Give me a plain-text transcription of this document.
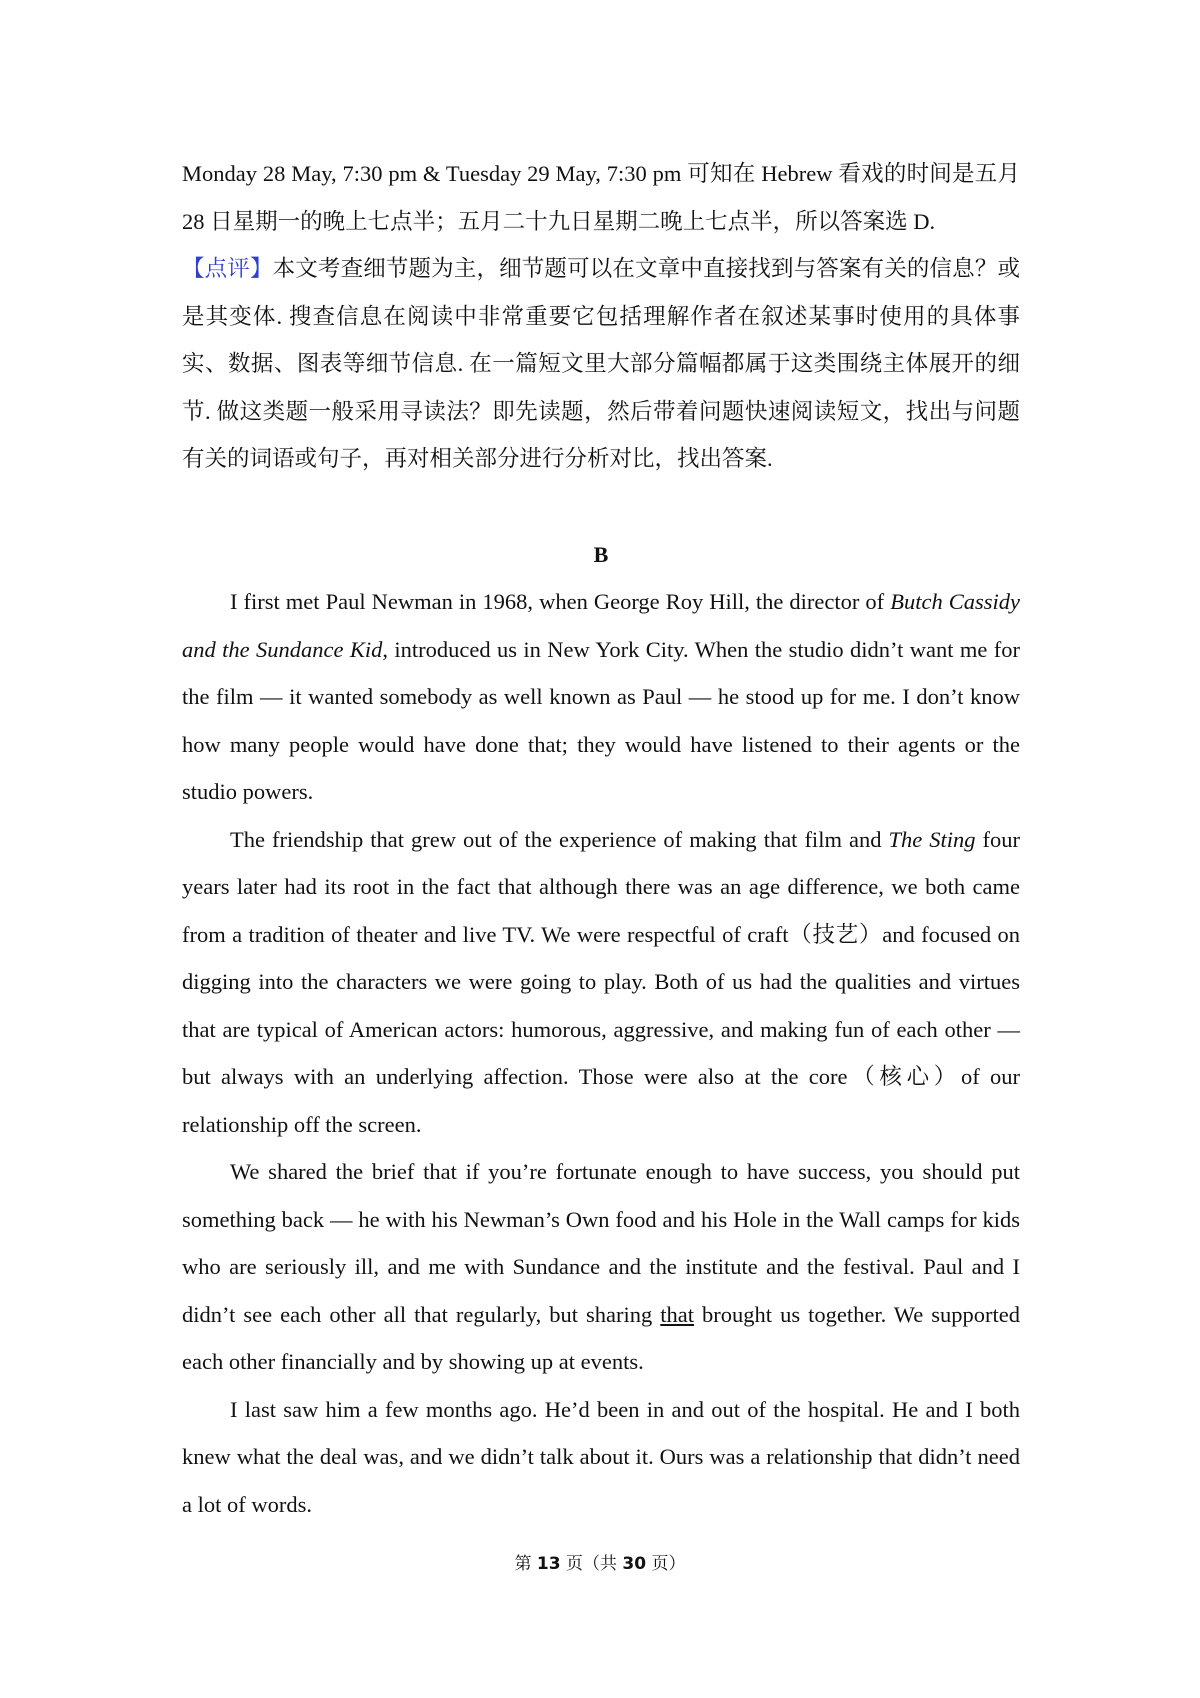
Monday 28 May, 7:30 pm & Tuesday 29 May, 7:30 pm 可知在 Hebrew 看戏的时间是五月 28 日星期一的晚上七点半；五月二十九日星期二晚上七点半，所以答案选 D.

【点评】本文考查细节题为主，细节题可以在文章中直接找到与答案有关的信息？或是其变体. 搜查信息在阅读中非常重要它包括理解作者在叙述某事时使用的具体事实、数据、图表等细节信息. 在一篇短文里大部分篇幅都属于这类围绕主体展开的细节. 做这类题一般采用寻读法？即先读题，然后带着问题快速阅读短文，找出与问题有关的词语或句子，再对相关部分进行分析对比，找出答案.

B

I first met Paul Newman in 1968, when George Roy Hill, the director of Butch Cassidy and the Sundance Kid, introduced us in New York City. When the studio didn’t want me for the film — it wanted somebody as well known as Paul — he stood up for me. I don’t know how many people would have done that; they would have listened to their agents or the studio powers.

The friendship that grew out of the experience of making that film and The Sting four years later had its root in the fact that although there was an age difference, we both came from a tradition of theater and live TV. We were respectful of craft（技艺）and focused on digging into the characters we were going to play. Both of us had the qualities and virtues that are typical of American actors: humorous, aggressive, and making fun of each other — but always with an underlying affection. Those were also at the core（核心）of our relationship off the screen.

We shared the brief that if you’re fortunate enough to have success, you should put something back — he with his Newman’s Own food and his Hole in the Wall camps for kids who are seriously ill, and me with Sundance and the institute and the festival. Paul and I didn’t see each other all that regularly, but sharing that brought us together. We supported each other financially and by showing up at events.

I last saw him a few months ago. He’d been in and out of the hospital. He and I both knew what the deal was, and we didn’t talk about it. Ours was a relationship that didn’t need a lot of words.

第 13 页（共 30 页）
